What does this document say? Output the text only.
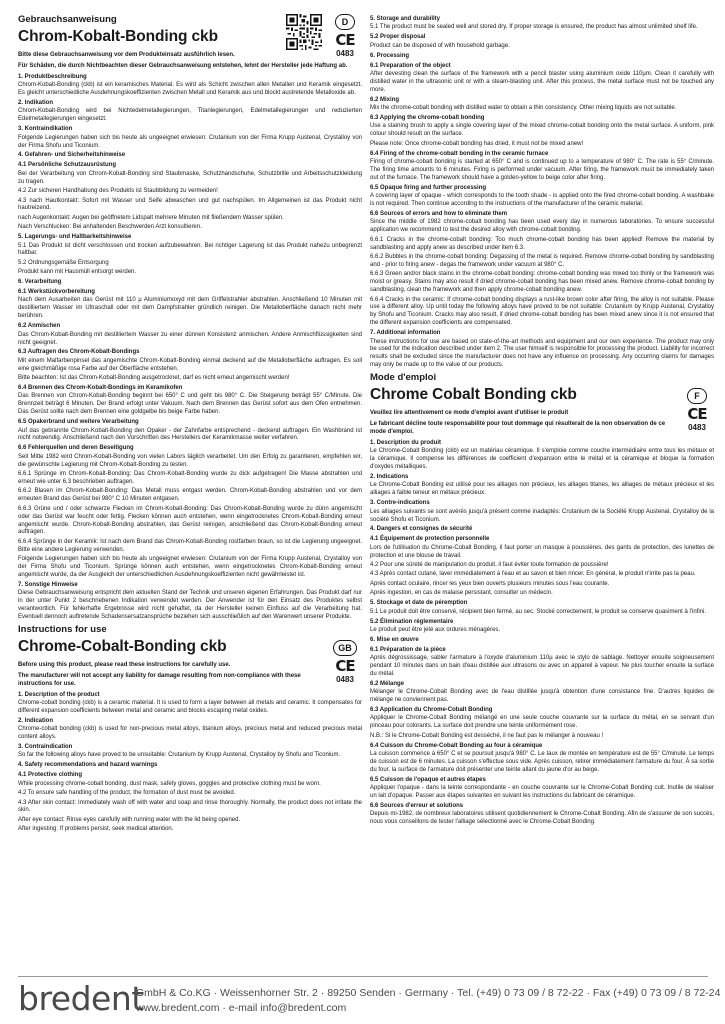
Gebrauchsanweisung
Chrom-Kobalt-Bonding ckb
D
CE
0483
Bitte diese Gebrauchsanweisung vor dem Produkteinsatz ausführlich lesen.
Für Schäden, die durch Nichtbeachten dieser Gebrauchsanweisung entstehen, lehnt der Hersteller jede Haftung ab.
1. Produktbeschreibung
Chrom-Kobalt-Bonding (ckb) ist ein keramisches Material. Es wird als Schicht zwischen allen Metallen und Keramik eingesetzt. Es gleicht unterschiedliche Ausdehnungskoeffizienten zwischen Metall und Keramik aus und blockt austretende Metalloxide ab.
2. Indikation
Chrom-Kobalt-Bonding wird bei Nichtedelmetallegierungen, Titanlegierungen, Edelmetallegierungen und reduzierten Edelmetallegierungen eingesetzt.
3. Kontraindikation
Folgende Legierungen haben sich bis heute als ungeeignet erwiesen: Crutanium von der Firma Krupp Austenal, Crystalloy von der Firma Shofu und Ticonium.
4. Gefahren- und Sicherheitshinweise
4.1 Persönliche Schutzausrüstung
Bei der Verarbeitung von Chrom-Kobalt-Bonding sind Staubmaske, Schutzhandschuhe, Schutzbrille und Arbeitsschutzkleidung zu tragen.
4.2 Zur sicheren Handhabung des Produkts ist Staubbildung zu vermeiden!
4.3 nach Hautkontakt: Sofort mit Wasser und Seife abwaschen und gut nachspülen. Im Allgemeinen ist das Produkt nicht hautreizend.
nach Augenkontakt: Augen bei geöffnetem Lidspalt mehrere Minuten mit fließendem Wasser spülen.
Nach Verschlucken: Bei anhaltenden Beschwerden Arzt konsultieren.
5. Lagerungs- und Haltbarkeitshinweise
5.1 Das Produkt ist dicht verschlossen und trocken aufzubewahren. Bei richtiger Lagerung ist das Produkt nahezu unbegrenzt haltbar.
5.2 Ordnungsgemäße Entsorgung
Produkt kann mit Hausmüll entsorgt werden.
6. Verarbeitung
6.1 Werkstückvorbereitung
Nach dem Ausarbeiten das Gerüst mit 110 µ Aluminiumoxyd mit dem Griffelstrahler abstrahlen. Anschließend 10 Minuten mit destilliertem Wasser im Ultraschall oder mit dem Dampfstrahler gründlich reinigen. Die Metalloberfläche danach nicht mehr berühren.
6.2 Anmischen
Das Chrom-Kobalt-Bonding mit destilliertem Wasser zu einer dünnen Konsistenz anmischen. Andere Anmischflüssigkeiten sind nicht geeignet.
6.3 Auftragen des Chrom-Kobalt-Bondings
Mit einem Malfarbenpinsel das angemischte Chrom-Kobalt-Bonding einmal deckend auf die Metalloberfläche auftragen. Es soll eine gleichmäßige rosa Farbe auf der Oberfläche entstehen.
Bitte beachten: Ist das Chrom-Kobalt-Bonding ausgetrocknet, darf es nicht erneut angemischt werden!
6.4 Brennen des Chrom-Kobalt-Bondings im Keramikofen
Das Brennen von Chrom-Kobalt-Bonding beginnt bei 650° C und geht bis 980° C. Die Steigerung beträgt 55° C/Minute. Die Brennzeit beträgt 6 Minuten. Der Brand erfolgt unter Vakuum. Nach dem Brennen das Gerüst sofort aus dem Ofen entnehmen. Das Gerüst sollte nach dem Brennen eine goldgelbe bis beige Farbe haben.
6.5 Opakerbrand und weitere Verarbeitung
Auf das gebrannte Chrom-Kobalt-Bonding den Opaker - der Zahnfarbe entsprechend - deckend auftragen. Ein Washbrand ist nicht notwendig. Anschließend nach den Vorschriften des Herstellers der Keramikmasse weiter verfahren.
6.6 Fehlerquellen und deren Beseitigung
Seit Mitte 1982 wird Chrom-Kobalt-Bonding von vielen Labors täglich verarbeitet. Um den Erfolg zu garantieren, empfehlen wir, die gewünschte Legierung mit Chrom-Kobalt-Bonding zu testen.
6.6.1 Sprünge im Chrom-Kobalt-Bonding: Das Chrom-Kobalt-Bonding wurde zu dick aufgetragen! Die Masse abstrahlen und erneut wie unter 6.3 beschrieben auftragen.
6.6.2 Blasen im Chrom-Kobalt-Bonding: Das Metall muss entgast werden. Chrom-Kobalt-Bonding abstrahlen und vor dem erneuten Brand das Gerüst bei 980° C 10 Minuten entgasen.
6.6.3 Grüne und / oder schwarze Flecken im Chrom-Kobalt-Bonding: Das Chrom-Kobalt-Bonding wurde zu dünn angemischt oder das Gerüst war feucht oder fettig. Flecken können auch entstehen, wenn eingetrocknetes Chrom-Kobalt-Bonding erneut angemischt wurde. Chrom-Kobalt-Bonding abstrahlen, das Gerüst reinigen, anschließend das Chrom-Kobalt-Bonding erneut auftragen.
6.6.4 Sprünge in der Keramik: Ist nach dem Brand das Chrom-Kobalt-Bonding rostfarben braun, so ist die Legierung ungeeignet. Bitte eine andere Legierung verwenden.
Folgende Legierungen haben sich bis heute als ungeeignet erwiesen: Crutanium von der Firma Krupp Austenal, Crystalloy von der Firma Shofu und Ticonium. Sprünge können auch entstehen, wenn eingetrocknetes Chrom-Kobalt-Bonding erneut angemischt wurde, da der Ausgleich der unterschiedlichen Ausdehnungskoeffizienten nicht gewährleistet ist.
7. Sonstige Hinweise
Diese Gebrauchsanweisung entspricht dem aktuellen Stand der Technik und unseren eigenen Erfahrungen. Das Produkt darf nur in der unter Punkt 2 beschriebenen Indikation verwendet werden. Der Anwender ist für den Einsatz des Produktes selbst verantwortlich. Für fehlerhafte Ergebnisse wird nicht gehaftet, da der Hersteller keinen Einfluss auf die Verarbeitung hat. Eventuell dennoch auftretende Schadensersatzansprüche beziehen sich ausschließlich auf den Warenwert unserer Produkte.
Instructions for use
Chrome-Cobalt-Bonding ckb	GB
CE
0483
Before using this product, please read these instructions for carefully use.
The manufacturer will not accept any liability for damage resulting from non-compliance with these instructions for use.
1. Description of the product
Chrome-cobalt bonding (ckb) is a ceramic material. It is used to form a layer between all metals and ceramic. It compensates for different expansion coefficients between metal and ceramic and blocks escaping metal oxides.
2. Indication
Chrome-cobalt bonding (ckb) is used for non-precious metal alloys, titanium alloys, precious metal and reduced precious metal content alloys.
3. Contraindication
So far the following alloys have proved to be unsuitable: Crutanium by Krupp Austenal, Crystalloy by Shofu and Ticonium.
4. Safety recommendations and hazard warnings
4.1 Protective clothing
While processing chrome-cobalt bonding, dust mask, safety gloves, goggles and protective clothing must be worn.
4.2 To ensure safe handling of the product, the formation of dust must be avoided.
4.3 After skin contact: Immediately wash off with water and soap and rinse thoroughly. Normally, the product does not irritate the skin.
After eye contact: Rinse eyes carefully with running water with the lid being opened.
After ingesting: If problems persist, seek medical attention.
5. Storage and durability
5.1 The product must be sealed well and stored dry. If proper storage is ensured, the product has almost unlimited shelf life.
5.2 Proper disposal
Product can be disposed of with household garbage.
6. Processing
6.1 Preparation of the object
After devesting clean the surface of the framework with a pencil blaster using aluminium oxide 110µm. Clean it carefully with distilled water in the ultrasonic unit or with a steam-blasting unit. After this process, the metal surface must not be touched any more.
6.2 Mixing
Mix the chrome-cobalt bonding with distilled water to obtain a thin consistency. Other mixing liquids are not suitable.
6.3 Applying the chrome-cobalt bonding
Use a staining brush to apply a single covering layer of the mixed chrome-cobalt bonding onto the metal surface. A uniform, pink colour should result on the surface.
Please note: Once chrome-cobalt bonding has dried, it must not be mixed anew!
6.4 Firing of the chrome-cobalt bonding in the ceramic furnace
Firing of chrome-cobalt bonding is started at 650° C and is continued up to a temperature of 980° C. The rate is 55° C/minute. The firing time amounts to 6 minutes. Firing is performed under vacuum. After firing, the framework must be immediately taken out of the furnace. The framework should have a golden-yellow to beige color after firing.
6.5 Opaque firing and further processing
A covering layer of opaque - which corresponds to the tooth shade - is applied onto the fired chrome-cobalt bonding. A washbake is not required. Then continue according to the instructions of the manufacturer of the ceramic material.
6.6 Sources of errors and how to eliminate them
Since the middle of 1982 chrome-cobalt bonding has been used every day in numerous laboratories. To ensure successful application we recommend to test the desired alloy with chrome-cobalt bonding.
6.6.1 Cracks in the chrome-cobalt bonding: Too much chrome-cobalt bonding has been applied! Remove the material by sandblasting and apply anew as described under item 6.3.
6.6.2 Bubbles in the chrome-cobalt bonding: Degassing of the metal is required. Remove chrome-cobalt bonding by sandblasting and - prior to firing anew - degas the framework under vacuum at 980° C.
6.6.3 Green and/or black stains in the chrome-cobalt bonding: chrome-cobalt bonding was mixed too thinly or the framework was moist or greasy. Stains may also result if dried chrome-cobalt bonding has been mixed anew. Remove chrome-cobalt bonding by sandblasting, clean the framework and then apply chrome-cobalt bonding anew.
6.6.4 Cracks in the ceramic: If chrome-cobalt bonding displays a rust-like brown color after firing, the alloy is not suitable. Please use a different alloy. Up until today the following alloys have proved to be not suitable: Crutanium by Krupp Austenal, Crystalloy by Shofu and Ticonium. Cracks may also result, if dried chrome-cobalt bonding has been mixed anew since it is not ensured that the different expansion coefficients are compensated.
7. Additional information
These instructions for use are based on state-of-the-art methods and equipment and our own experience. The product may only be used for the indication described under item 2. The user himself is responsible for processing the product. Liability for incorrect results shall be excluded since the manufacturer does not have any influence on processing. Any occurring claims for damages may only be made up to the value of our products.
Mode d'emploi
Chrome Cobalt Bonding ckb	F
CE
0483
Veuillez lire attentivement ce mode d'emploi avant d'utiliser le produit
Le fabricant décline toute responsabilité pour tout dommage qui résulterait de la non observation de ce mode d'emploi.
1. Description du produit
Le Chrome-Cobalt Bonding (ckb) est un matériau céramique. Il s'emploie comme couche intermédiaire entre tous les métaux et la céramique. Il compense les différences de coefficient d'expansion entre le métal et la céramique et bloque la formation d'oxydes métalliques.
2. Indications
Le Chrome-Cobalt Bonding est utilisé pour les alliages non précieux, les alliages titanes, les alliages de métaux précieux et les alliages à faible teneur en métaux précieux.
3. Contre-indications
Les alliages suivants se sont avérés jusqu'à présent comme inadaptés: Crutanium de la Société Krupp Austenal, Crystalloy de la société Shofu et Ticonium.
4. Dangers et consignes de sécurité
4.1 Équipement de protection personnelle
Lors de l'utilisation du Chrome-Cobalt Bonding, il faut porter un masque à poussières, des gants de protection, des lunettes de protection et une blouse de travail.
4.2 Pour une sûreté de manipulation du produit, il faut éviter toute formation de poussière!
4.3 Après contact cutané, laver immédiatement à l'eau et au savon et bien rincer. En général, le produit n'irrite pas la peau.
Après contact oculaire, rincer les yeux bien ouverts plusieurs minutes sous l'eau courante.
Après ingestion, en cas de malaise persistant, consulter un médecin.
5. Stockage et date de péremption
5.1 Le produit doit être conservé, récipient bien fermé, au sec. Stocké correctement, le produit se conserve quasiment à l'infini.
5.2 Élimination réglementaire
Le produit peut être jeté aux ordures ménagères.
6. Mise en œuvre
6.1 Préparation de la pièce
Après dégrossissage, sabler l'armature à l'oxyde d'aluminium 110µ avec le stylo de sablage. Nettoyer ensuite soigneusement pendant 10 minutes dans un bain d'eau distillée aux ultrasons ou avec un appareil à vapeur. Ne plus toucher ensuite la surface du métal.
6.2 Mélange
Mélanger le Chrome-Cobalt Bonding avec de l'eau distillée jusqu'à obtention d'une consistance fine. D'autres liquides de mélange ne conviennent pas.
6.3 Application du Chrome-Cobalt Bonding
Appliquer le Chrome-Cobalt Bonding mélangé en une seule couche couvrante sur la surface du métal, en se servant d'un pinceau pour colorants. La surface doit prendre une teinte uniformément rose.
N.B.: Si le Chrome-Cobalt Bonding est desséché, il ne faut pas le mélanger à nouveau !
6.4 Cuisson du Chrome-Cobalt Bonding au four à céramique
La cuisson commence à 650° C et se poursuit jusqu'à 980° C. Le taux de montée en température est de 55° C/minute. Le temps de cuisson est de 6 minutes. La cuisson s'effectue sous vide. Après cuisson, retirer immédiatement l'armature du four. À sa sortie du four, la surface de l'armature doit présenter une teinte allant du jaune d'or au beige.
6.5 Cuisson de l'opaque et autres étapes
Appliquer l'opaque - dans la teinte correspondante - en couche couvrante sur le Chrome-Cobalt Bonding cuit. Inutile de réaliser un lait d'opaque. Passer aux étapes suivantes en suivant les instructions du fabricant de céramique.
6.6 Sources d'erreur et solutions
Depuis mi-1982, de nombreux laboratoires utilisent quotidiennement le Chrome-Cobalt Bonding. Afin de s'assurer de son succès, nous vous conseillons de tester l'alliage sélectionné avec le Chrome-Cobalt Bonding.
bredent
GmbH & Co.KG · Weissenhorner Str. 2 · 89250 Senden · Germany · Tel. (+49) 0 73 09 / 8 72-22 · Fax (+49) 0 73 09 / 8 72-24
www.bredent.com · e-mail info@bredent.com
